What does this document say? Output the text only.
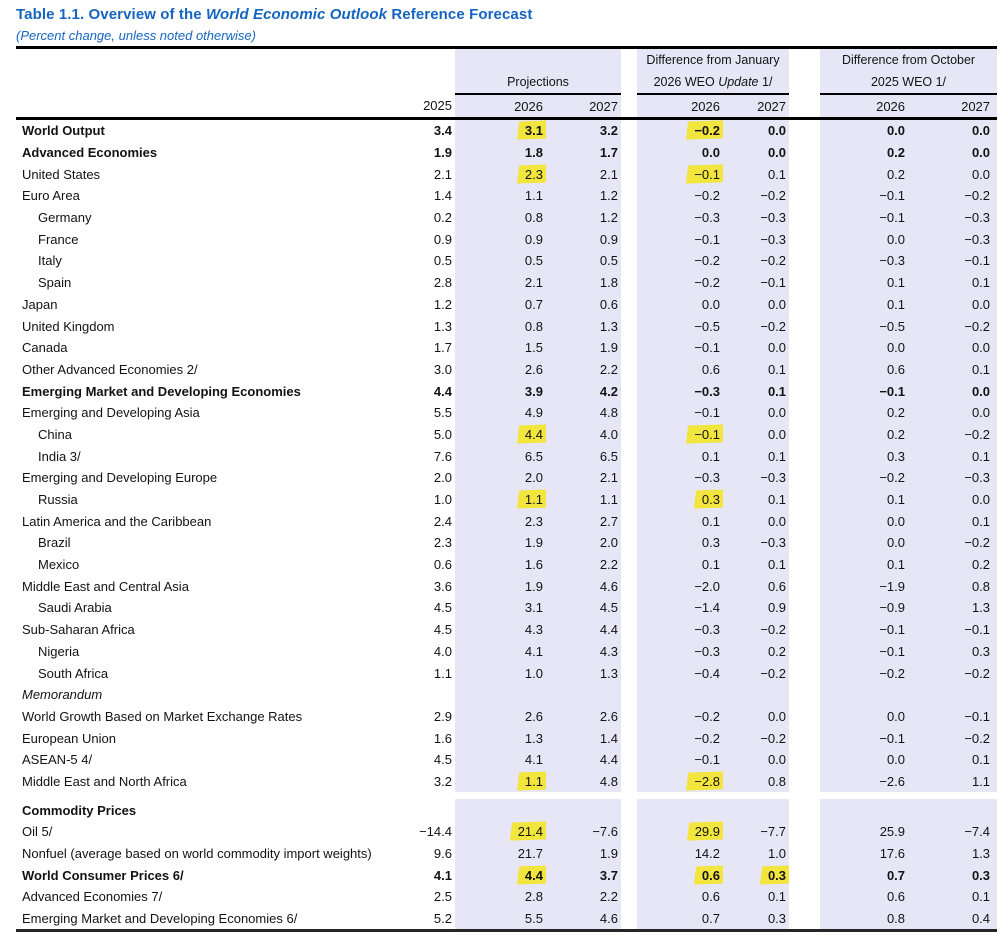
Table 1.1. Overview of the World Economic Outlook Reference Forecast
(Percent change, unless noted otherwise)
					Difference from January			Difference from October	
		Projections			2026 WEO Update 1/			2025 WEO 1/	
	2025	2026	2027		2026	2027		2026	2027
World Output	3.4	3.1	3.2		−0.2	0.0		0.0	0.0
Advanced Economies	1.9	1.8	1.7		0.0	0.0		0.2	0.0
United States	2.1	2.3	2.1		−0.1	0.1		0.2	0.0
Euro Area	1.4	1.1	1.2		−0.2	−0.2		−0.1	−0.2
Germany	0.2	0.8	1.2		−0.3	−0.3		−0.1	−0.3
France	0.9	0.9	0.9		−0.1	−0.3		0.0	−0.3
Italy	0.5	0.5	0.5		−0.2	−0.2		−0.3	−0.1
Spain	2.8	2.1	1.8		−0.2	−0.1		0.1	0.1
Japan	1.2	0.7	0.6		0.0	0.0		0.1	0.0
United Kingdom	1.3	0.8	1.3		−0.5	−0.2		−0.5	−0.2
Canada	1.7	1.5	1.9		−0.1	0.0		0.0	0.0
Other Advanced Economies 2/	3.0	2.6	2.2		0.6	0.1		0.6	0.1
Emerging Market and Developing Economies	4.4	3.9	4.2		−0.3	0.1		−0.1	0.0
Emerging and Developing Asia	5.5	4.9	4.8		−0.1	0.0		0.2	0.0
China	5.0	4.4	4.0		−0.1	0.0		0.2	−0.2
India 3/	7.6	6.5	6.5		0.1	0.1		0.3	0.1
Emerging and Developing Europe	2.0	2.0	2.1		−0.3	−0.3		−0.2	−0.3
Russia	1.0	1.1	1.1		0.3	0.1		0.1	0.0
Latin America and the Caribbean	2.4	2.3	2.7		0.1	0.0		0.0	0.1
Brazil	2.3	1.9	2.0		0.3	−0.3		0.0	−0.2
Mexico	0.6	1.6	2.2		0.1	0.1		0.1	0.2
Middle East and Central Asia	3.6	1.9	4.6		−2.0	0.6		−1.9	0.8
Saudi Arabia	4.5	3.1	4.5		−1.4	0.9		−0.9	1.3
Sub-Saharan Africa	4.5	4.3	4.4		−0.3	−0.2		−0.1	−0.1
Nigeria	4.0	4.1	4.3		−0.3	0.2		−0.1	0.3
South Africa	1.1	1.0	1.3		−0.4	−0.2		−0.2	−0.2
Memorandum									
World Growth Based on Market Exchange Rates	2.9	2.6	2.6		−0.2	0.0		0.0	−0.1
European Union	1.6	1.3	1.4		−0.2	−0.2		−0.1	−0.2
ASEAN-5 4/	4.5	4.1	4.4		−0.1	0.0		0.0	0.1
Middle East and North Africa	3.2	1.1	4.8		−2.8	0.8		−2.6	1.1

Commodity Prices									
Oil 5/	−14.4	21.4	−7.6		29.9	−7.7		25.9	−7.4
Nonfuel (average based on world commodity import weights)	9.6	21.7	1.9		14.2	1.0		17.6	1.3
World Consumer Prices 6/	4.1	4.4	3.7		0.6	0.3		0.7	0.3
Advanced Economies 7/	2.5	2.8	2.2		0.6	0.1		0.6	0.1
Emerging Market and Developing Economies 6/	5.2	5.5	4.6		0.7	0.3		0.8	0.4
